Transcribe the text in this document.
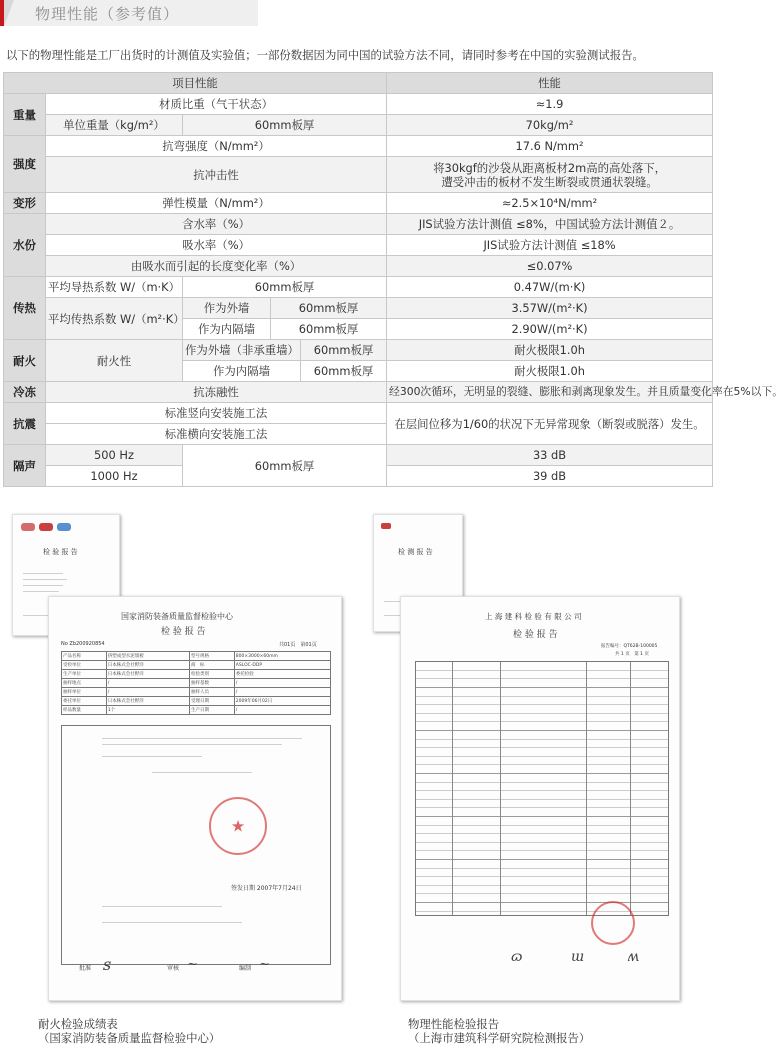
物理性能（参考值）
以下的物理性能是工厂出货时的计测值及实验值；一部份数据因为同中国的试验方法不同，请同时参考在中国的实验测试报告。
项目性能					性能
重量	材质比重（气干状态）				≈1.9
	单位重量（kg/m²）	60mm板厚			70kg/m²
强度	抗弯强度（N/mm²）				17.6 N/mm²
	抗冲击性				将30kgf的沙袋从距离板材2m高的高处落下，
遭受冲击的板材不发生断裂或贯通状裂缝。

变形	弹性模量（N/mm²）				≈2.5×10⁴N/mm²
水份	含水率（%）				JIS试验方法计测值 ≤8%，中国试验方法计测值２。
	吸水率（%）				JIS试验方法计测值 ≤18%
	由吸水而引起的长度变化率（%）				≤0.07%
传热	平均导热系数 W/（m·K）	60mm板厚			0.47W/(m·K)
	平均传热系数 W/（m²·K）	作为外墙	60mm板厚		3.57W/(m²·K)
		作为内隔墙	60mm板厚		2.90W/(m²·K)
耐火	耐火性	作为外墙（非承重墙）		60mm板厚	耐火极限1.0h
		作为内隔墙		60mm板厚	耐火极限1.0h
冷冻	抗冻融性				经300次循环，无明显的裂缝、膨胀和剥离现象发生。并且质量变化率在5%以下。
抗震	标准竖向安装施工法				在层间位移为1/60的状况下无异常现象（断裂或脱落）发生。
	标准横向安装施工法				
隔声	500 Hz	60mm板厚			33 dB
	1000 Hz				39 dB
检 验 报 告
国家消防装备质量监督检验中心
检 验 报 告
No Zb200920854	共01页　第01页
产品名称	挤塑成型水泥墙板	型号规格	800×3000×60mm
受检单位	日本株式会社野洋	商　标	ASLOC-DDP
生产单位	日本株式会社野洋	检验类别	委托检验
抽样地点	/	抽样基数	/
抽样单位	/	抽样人员	/
委托单位	日本株式会社野洋	受理日期	2009年06月02日
样品数量	1个	生产日期	/
★
签发日期 2007年7月24日
批准 ꜱ	审核 ~	编制 ~
检 测 报 告
上 海 建 科 检 验 有 限 公 司
检 验 报 告
报告编号：QT62B-100005
共 1 页　第 1 页
ɷ	ɯ	ʍ
耐火检验成绩表
（国家消防装备质量监督检验中心）
物理性能检验报告
（上海市建筑科学研究院检测报告）
